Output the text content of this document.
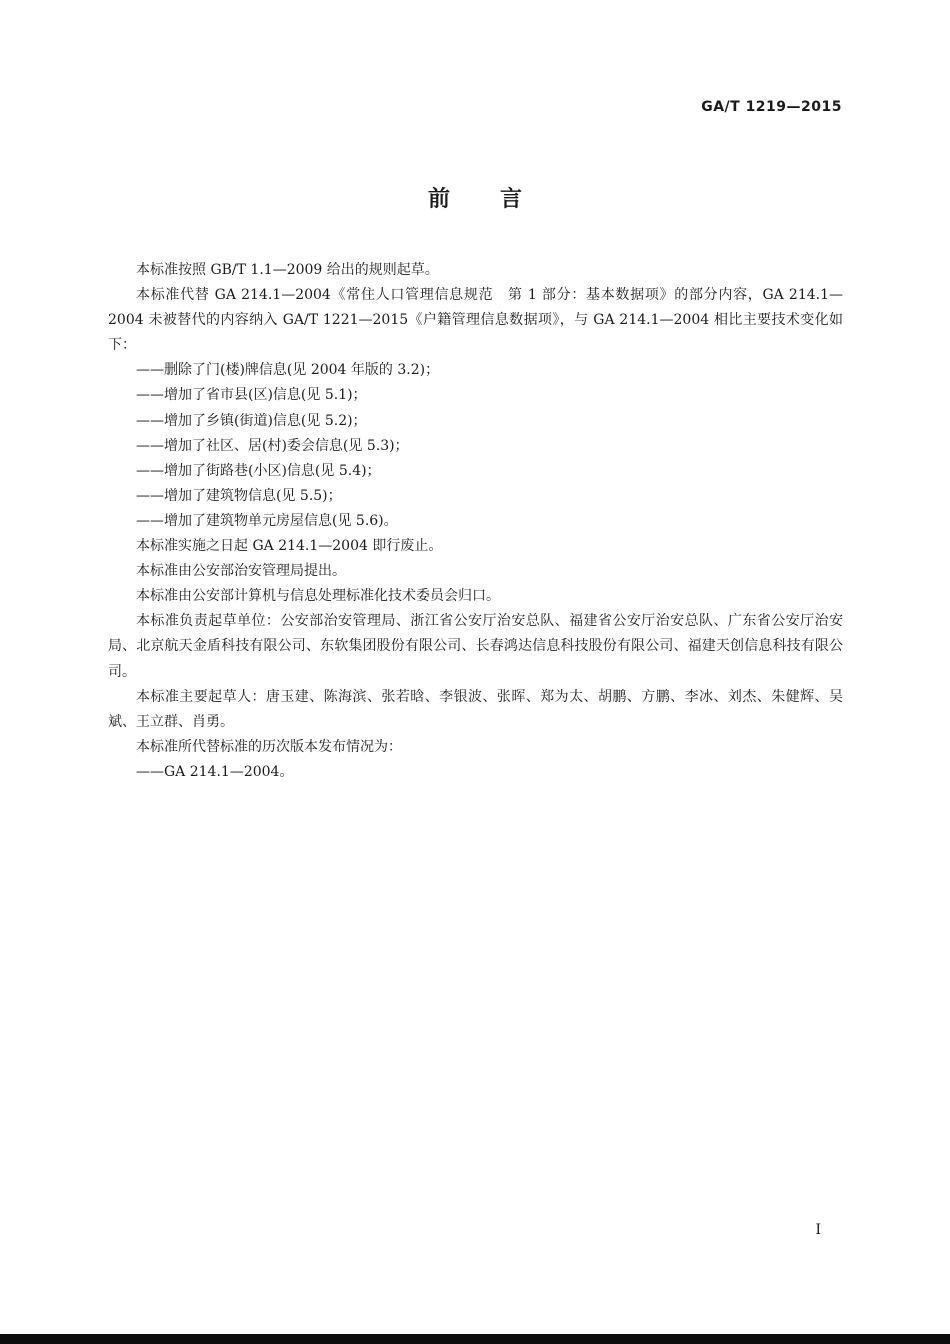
GA/T 1219—2015
前 言

本标准按照 GB/T 1.1—2009 给出的规则起草。

本标准代替 GA 214.1—2004《常住人口管理信息规范　第 1 部分：基本数据项》的部分内容，GA 214.1—2004 未被替代的内容纳入 GA/T 1221—2015《户籍管理信息数据项》，与 GA 214.1—2004 相比主要技术变化如下：

——删除了门(楼)牌信息(见 2004 年版的 3.2)；

——增加了省市县(区)信息(见 5.1)；

——增加了乡镇(街道)信息(见 5.2)；

——增加了社区、居(村)委会信息(见 5.3)；

——增加了街路巷(小区)信息(见 5.4)；

——增加了建筑物信息(见 5.5)；

——增加了建筑物单元房屋信息(见 5.6)。

本标准实施之日起 GA 214.1—2004 即行废止。

本标准由公安部治安管理局提出。

本标准由公安部计算机与信息处理标准化技术委员会归口。

本标准负责起草单位：公安部治安管理局、浙江省公安厅治安总队、福建省公安厅治安总队、广东省公安厅治安局、北京航天金盾科技有限公司、东软集团股份有限公司、长春鸿达信息科技股份有限公司、福建天创信息科技有限公司。

本标准主要起草人：唐玉建、陈海滨、张若晗、李银波、张晖、郑为太、胡鹏、方鹏、李冰、刘杰、朱健辉、吴斌、王立群、肖勇。

本标准所代替标准的历次版本发布情况为：

——GA 214.1—2004。

I
